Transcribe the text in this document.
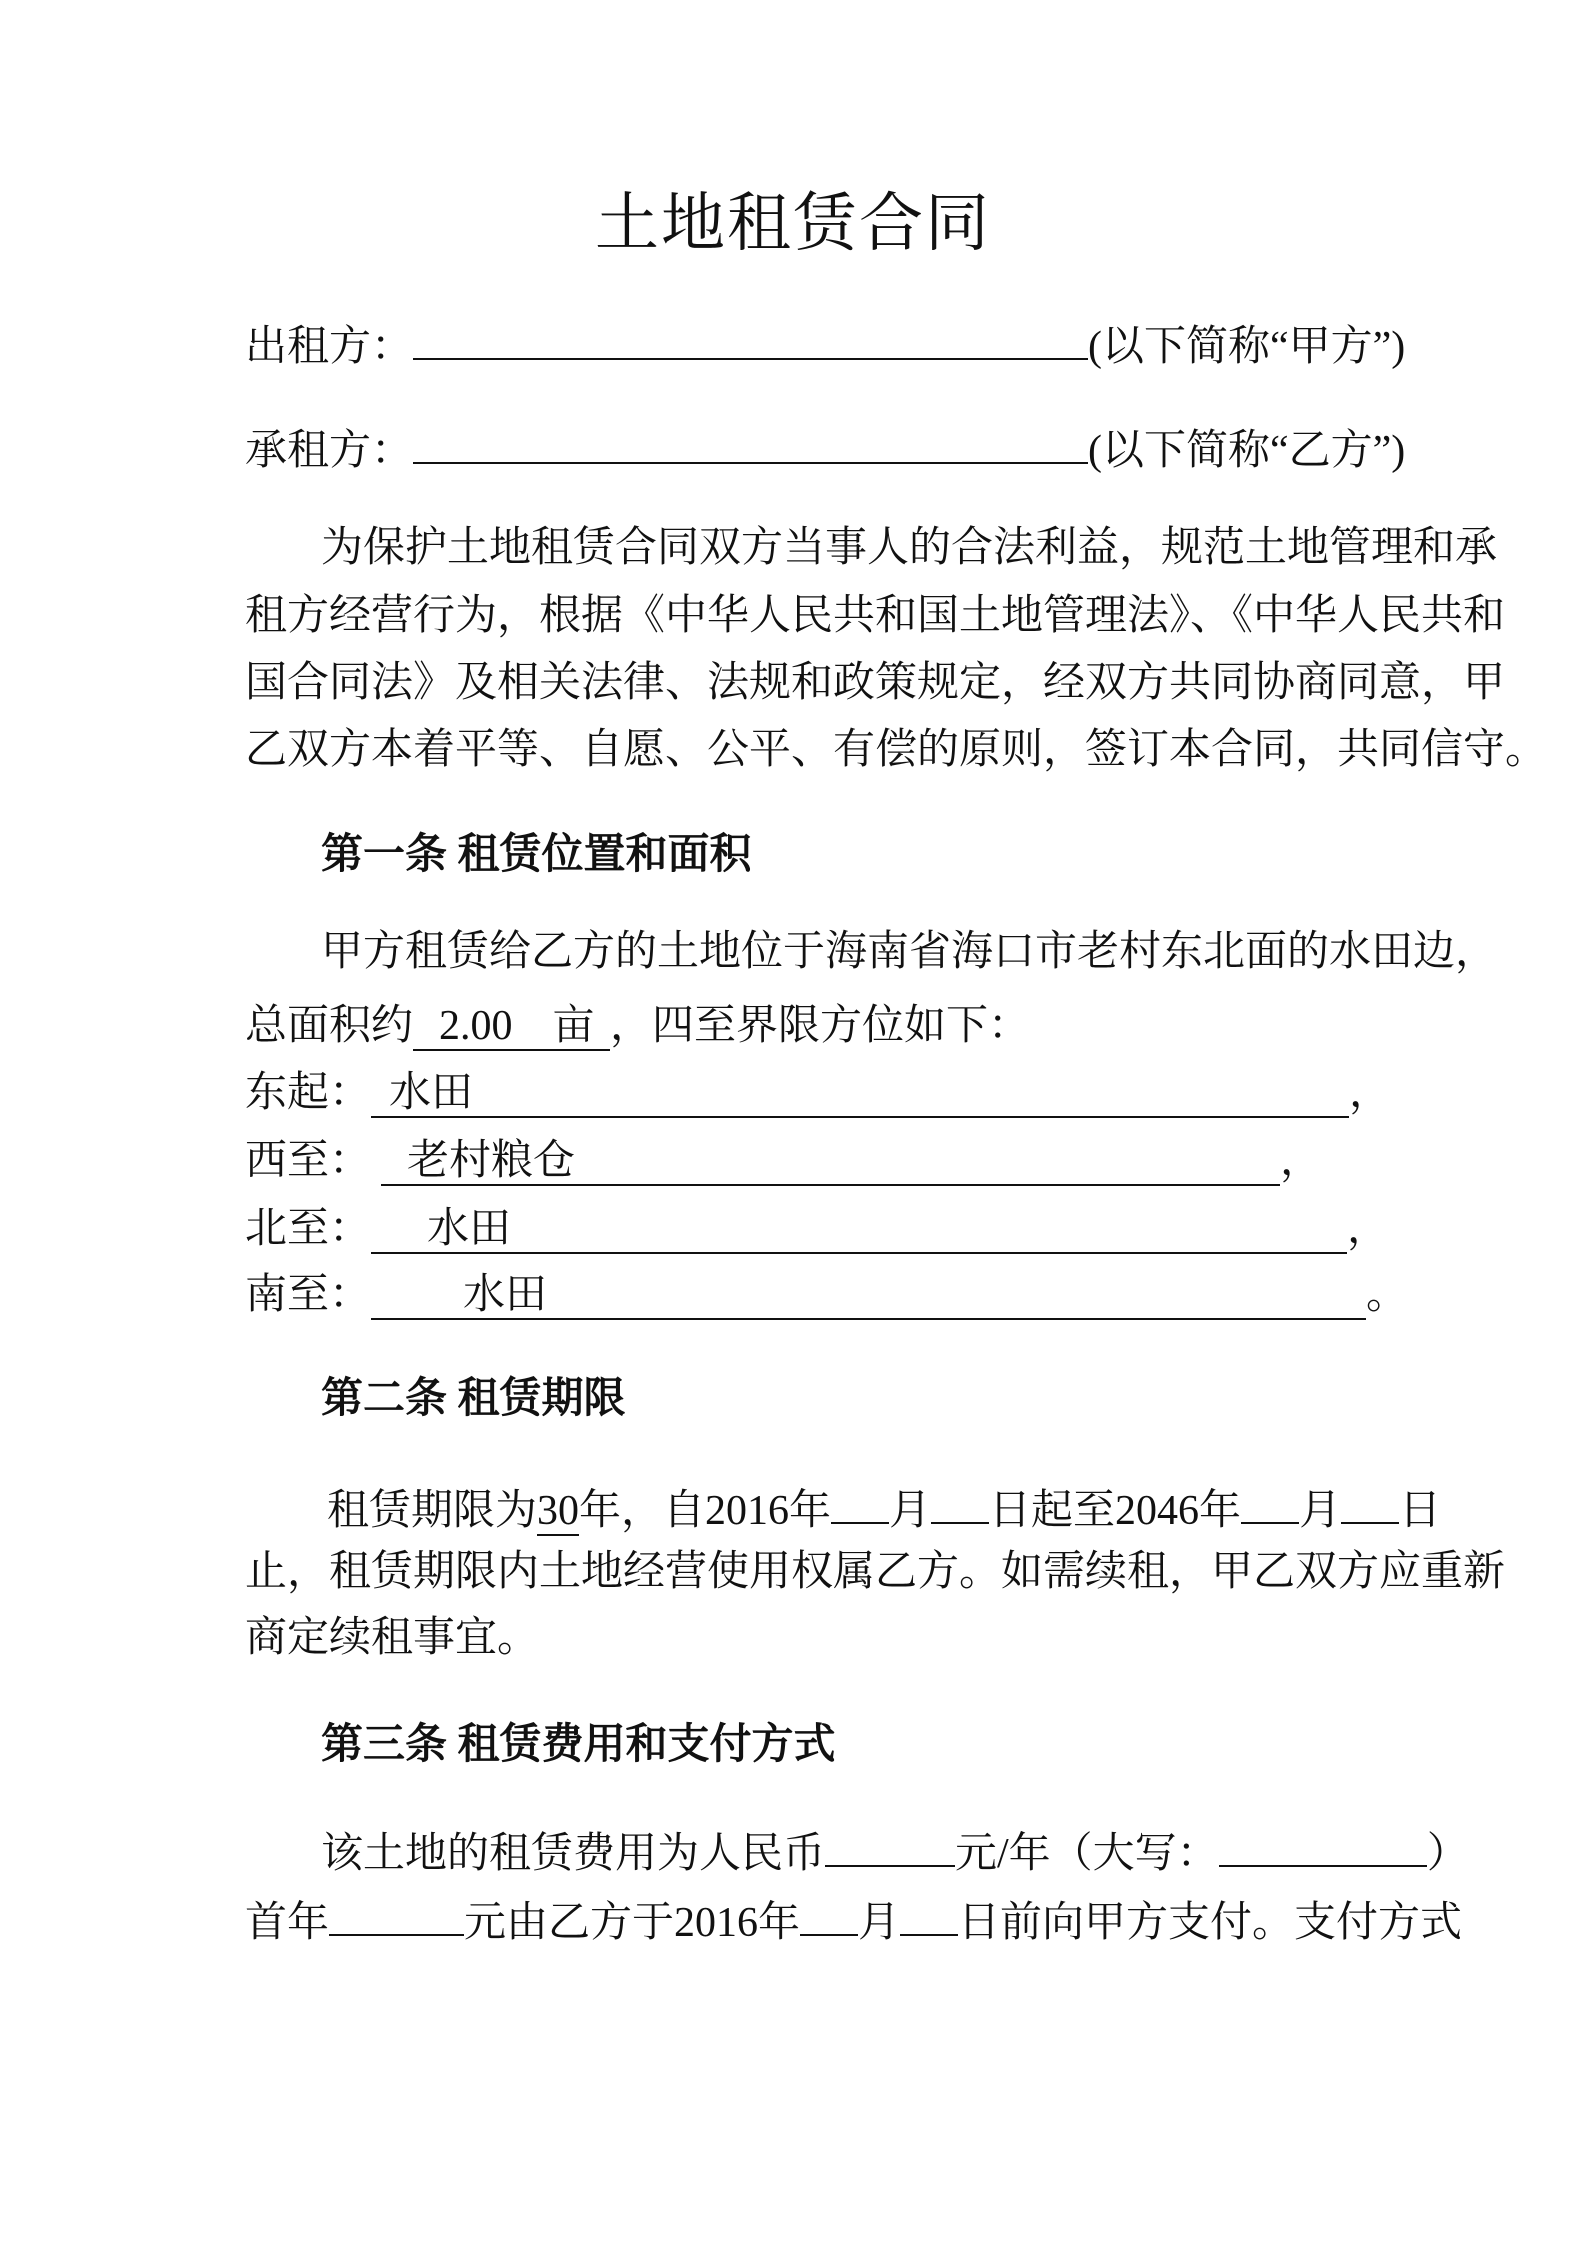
土地租赁合同
出租方：	(以下简称“甲方”)
承租方：	(以下简称“乙方”)
为保护土地租赁合同双方当事人的合法利益，规范土地管理和承
租方经营行为，根据《中华人民共和国土地管理法》、《中华人民共和
国合同法》及相关法律、法规和政策规定，经双方共同协商同意，甲
乙双方本着平等、自愿、公平、有偿的原则，签订本合同，共同信守。
第一条 租赁位置和面积
甲方租赁给乙方的土地位于海南省海口市老村东北面的水田边，
总面积约 2.00 亩 ，四至界限方位如下：
东起： 水田	，
西至： 老村粮仓	，
北至： 水田	，
南至： 水田	。
第二条 租赁期限
租赁期限为30年，自2016年 月 日起至2046年 月 日
止，租赁期限内土地经营使用权属乙方。如需续租，甲乙双方应重新
商定续租事宜。
第三条 租赁费用和支付方式
该土地的租赁费用为人民币	元/年（大写：	）
首年	元由乙方于2016年 月 日前向甲方支付。支付方式
